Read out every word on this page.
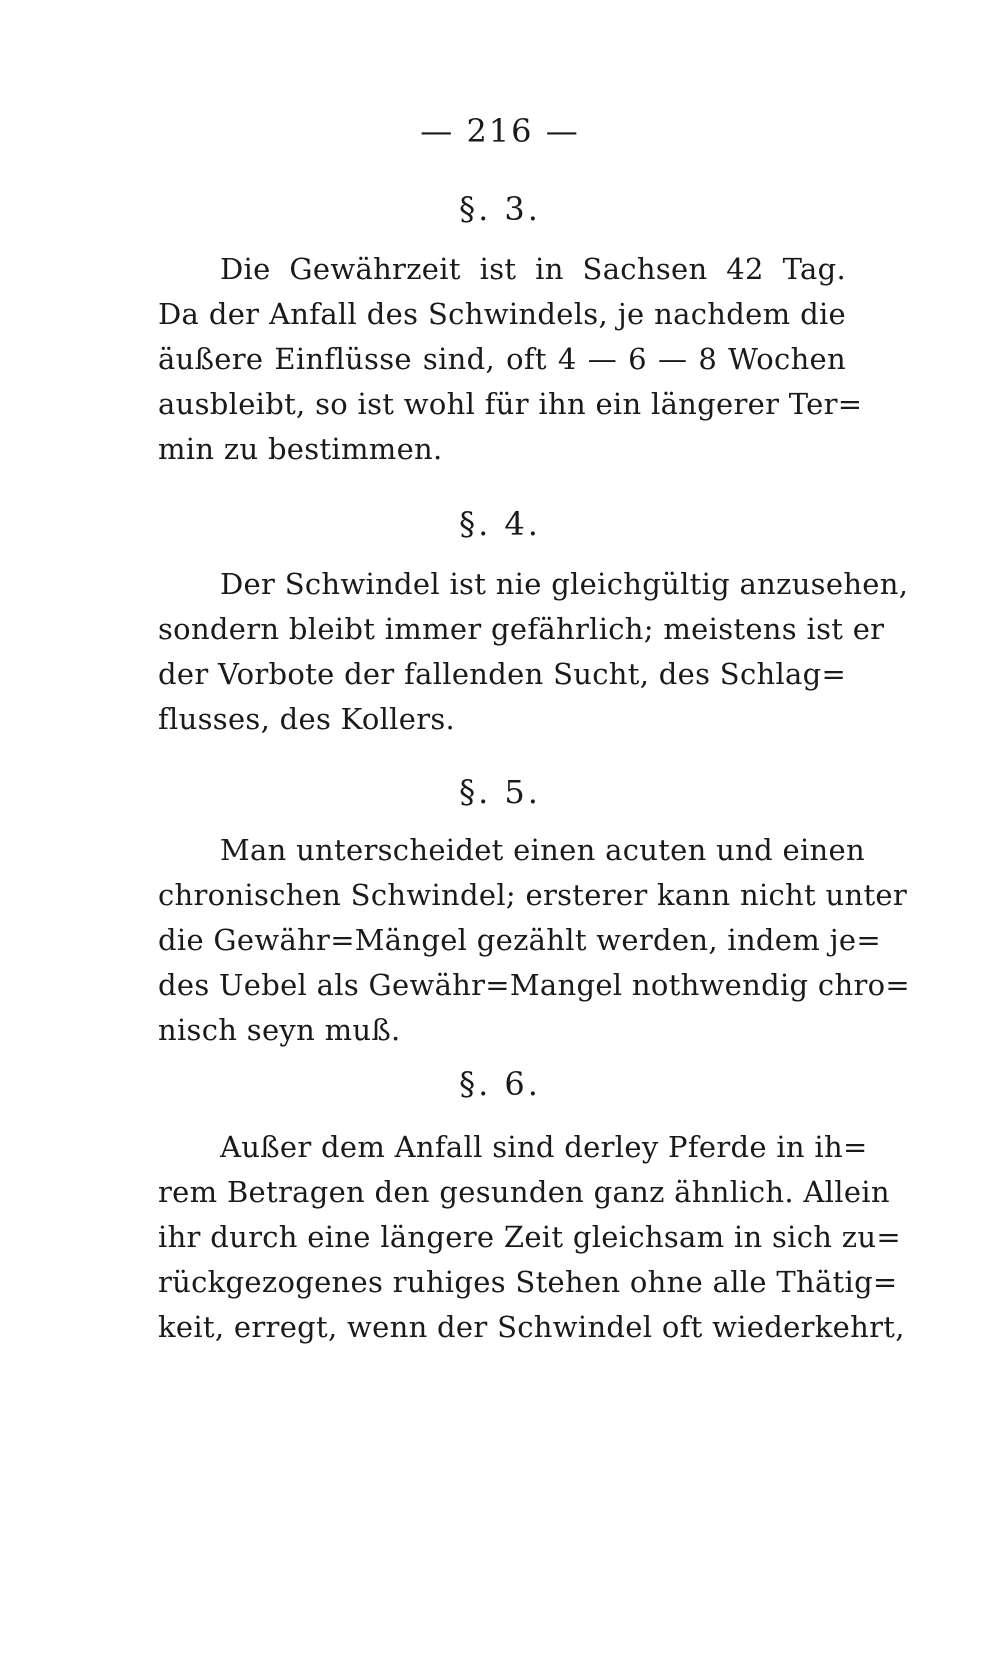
— 216 —
§. 3.
Die Gewährzeit ist in Sachsen 42 Tag.
Da der Anfall des Schwindels, je nachdem die
äußere Einflüsse sind, oft 4 — 6 — 8 Wochen
ausbleibt, so ist wohl für ihn ein längerer Ter=
min zu bestimmen.
§. 4.
Der Schwindel ist nie gleichgültig anzusehen,
sondern bleibt immer gefährlich; meistens ist er
der Vorbote der fallenden Sucht, des Schlag=
flusses, des Kollers.
§. 5.
Man unterscheidet einen acuten und einen
chronischen Schwindel; ersterer kann nicht unter
die Gewähr=Mängel gezählt werden, indem je=
des Uebel als Gewähr=Mangel nothwendig chro=
nisch seyn muß.
§. 6.
Außer dem Anfall sind derley Pferde in ih=
rem Betragen den gesunden ganz ähnlich. Allein
ihr durch eine längere Zeit gleichsam in sich zu=
rückgezogenes ruhiges Stehen ohne alle Thätig=
keit, erregt, wenn der Schwindel oft wiederkehrt,
